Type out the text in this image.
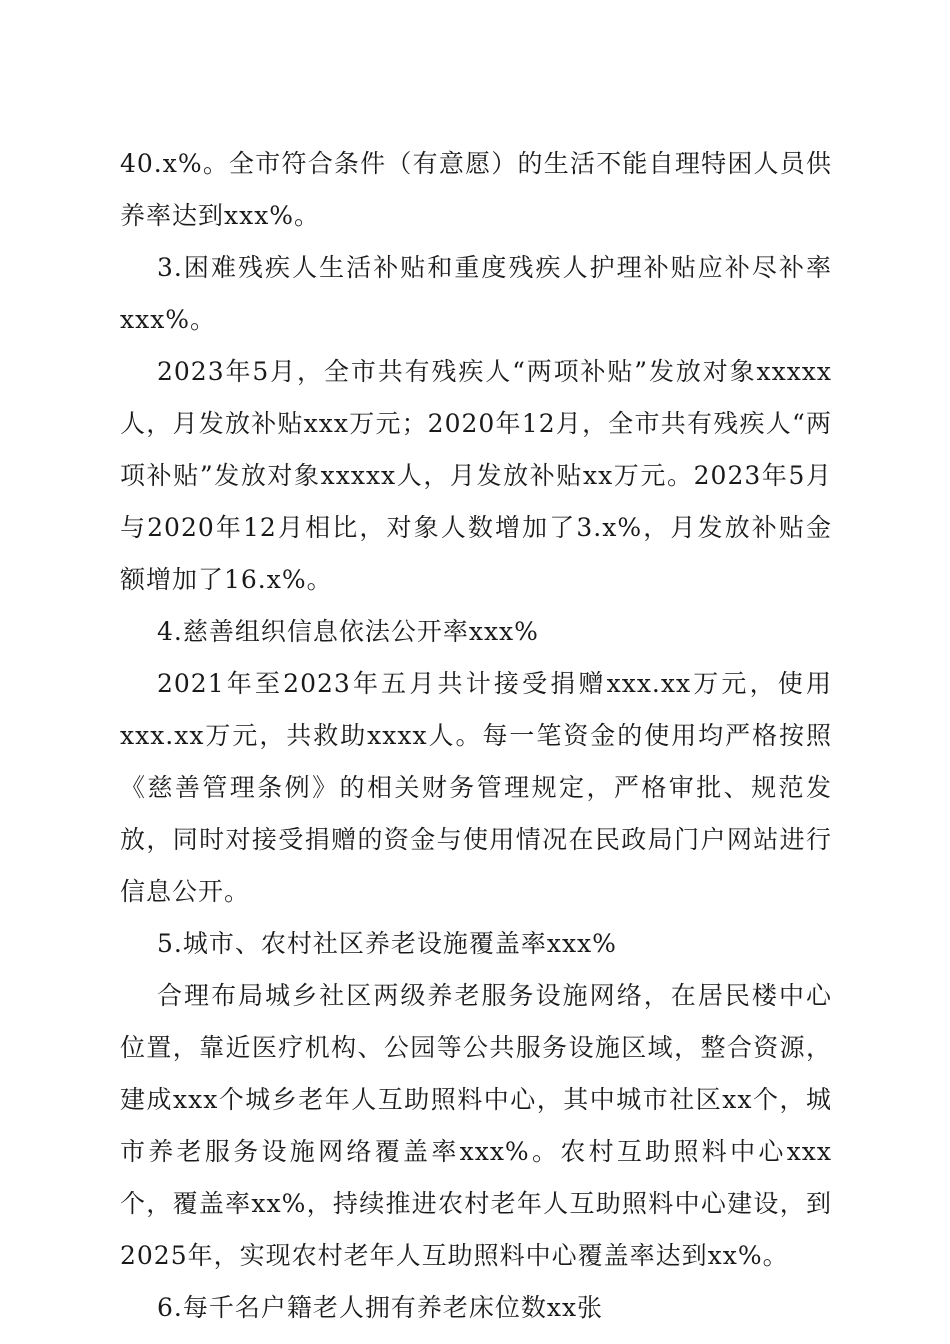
40.x%。全市符合条件（有意愿）的生活不能自理特困人员供养率达到xxx%。

3.困难残疾人生活补贴和重度残疾人护理补贴应补尽补率xxx%。

2023年5月，全市共有残疾人“两项补贴”发放对象xxxxx人，月发放补贴xxx万元；2020年12月，全市共有残疾人“两项补贴”发放对象xxxxx人，月发放补贴xx万元。2023年5月与2020年12月相比，对象人数增加了3.x%，月发放补贴金额增加了16.x%。

4.慈善组织信息依法公开率xxx%

2021年至2023年五月共计接受捐赠xxx.xx万元，使用xxx.xx万元，共救助xxxx人。每一笔资金的使用均严格按照《慈善管理条例》的相关财务管理规定，严格审批、规范发放，同时对接受捐赠的资金与使用情况在民政局门户网站进行信息公开。

5.城市、农村社区养老设施覆盖率xxx%

合理布局城乡社区两级养老服务设施网络，在居民楼中心位置，靠近医疗机构、公园等公共服务设施区域，整合资源，建成xxx个城乡老年人互助照料中心，其中城市社区xx个，城市养老服务设施网络覆盖率xxx%。农村互助照料中心xxx个，覆盖率xx%，持续推进农村老年人互助照料中心建设，到2025年，实现农村老年人互助照料中心覆盖率达到xx%。

6.每千名户籍老人拥有养老床位数xx张
